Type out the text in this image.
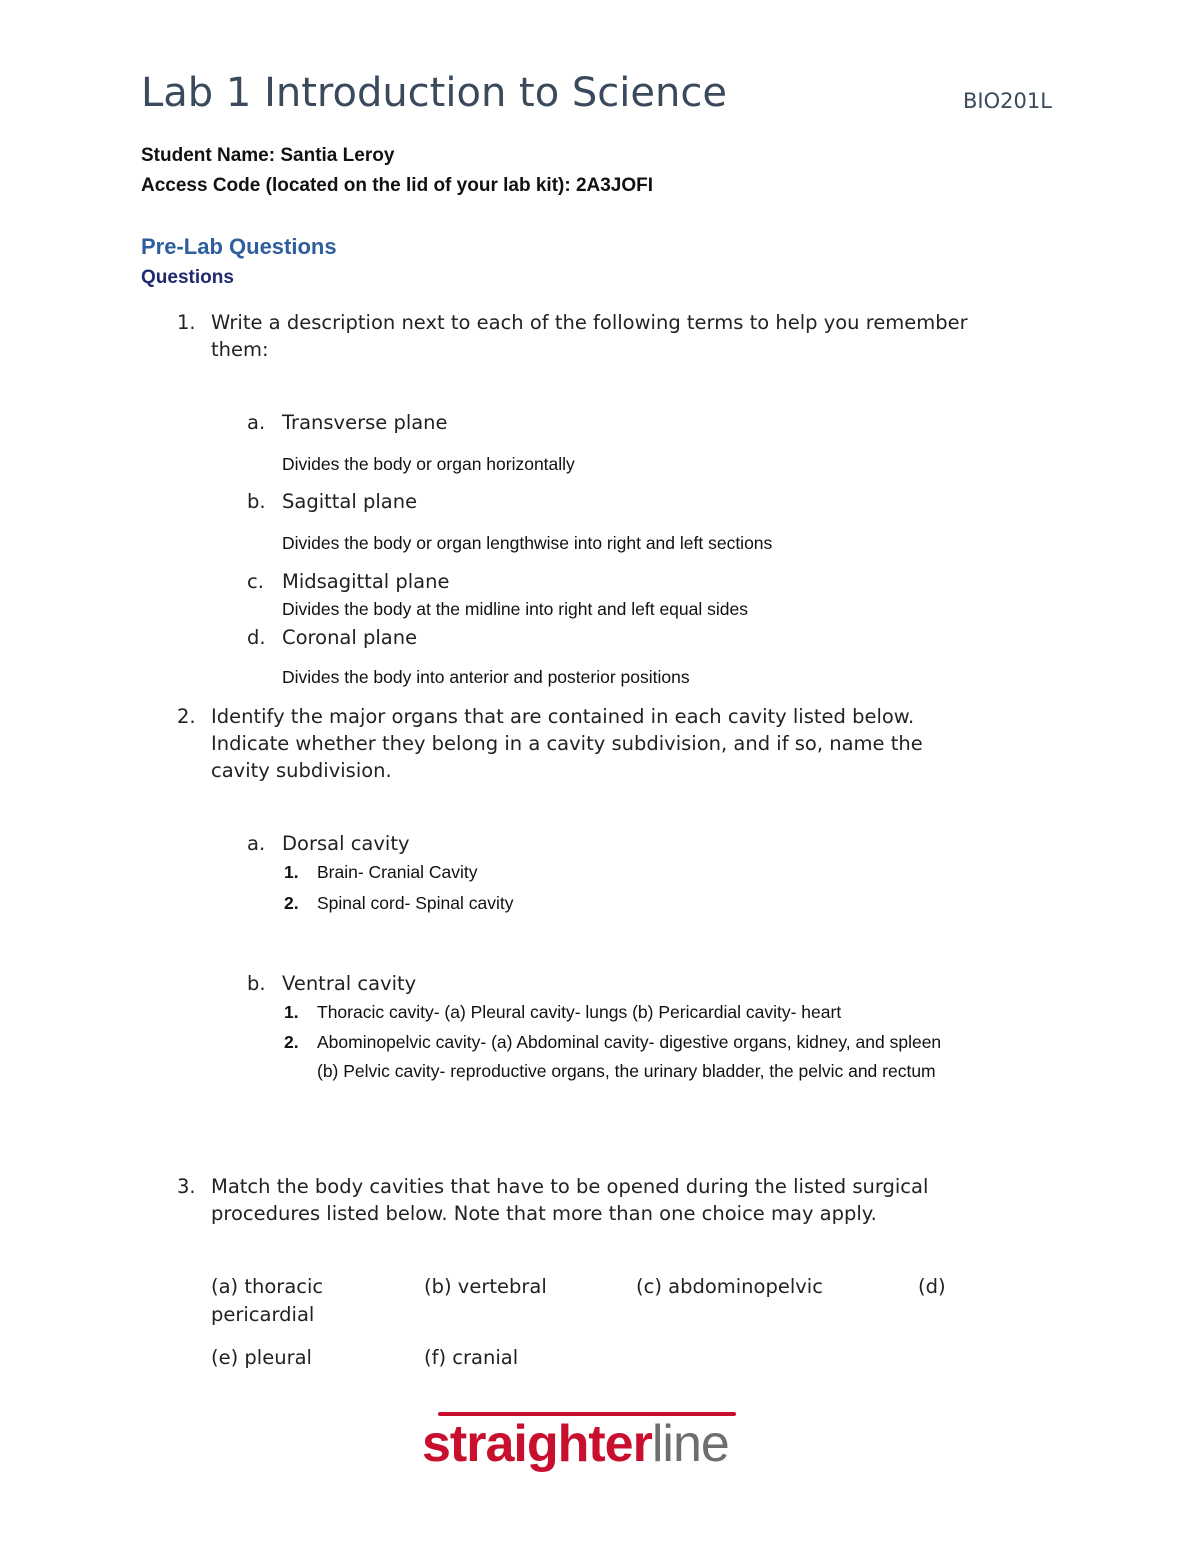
Lab 1 Introduction to Science	BIO201L
Student Name: Santia Leroy
Access Code (located on the lid of your lab kit): 2A3JOFI
Pre-Lab Questions
Questions
1. Write a description next to each of the following terms to help you remember
them:
a. Transverse plane
Divides the body or organ horizontally
b. Sagittal plane
Divides the body or organ lengthwise into right and left sections
c. Midsagittal plane
Divides the body at the midline into right and left equal sides
d. Coronal plane
Divides the body into anterior and posterior positions
2. Identify the major organs that are contained in each cavity listed below.
Indicate whether they belong in a cavity subdivision, and if so, name the
cavity subdivision.
a. Dorsal cavity
1. Brain- Cranial Cavity
2. Spinal cord- Spinal cavity
b. Ventral cavity
1. Thoracic cavity- (a) Pleural cavity- lungs (b) Pericardial cavity- heart
2. Abominopelvic cavity- (a) Abdominal cavity- digestive organs, kidney, and spleen
(b) Pelvic cavity- reproductive organs, the urinary bladder, the pelvic and rectum
3. Match the body cavities that have to be opened during the listed surgical
procedures listed below. Note that more than one choice may apply.
(a) thoracic	(b) vertebral	(c) abdominopelvic	(d)
pericardial
(e) pleural	(f) cranial
straighterline
